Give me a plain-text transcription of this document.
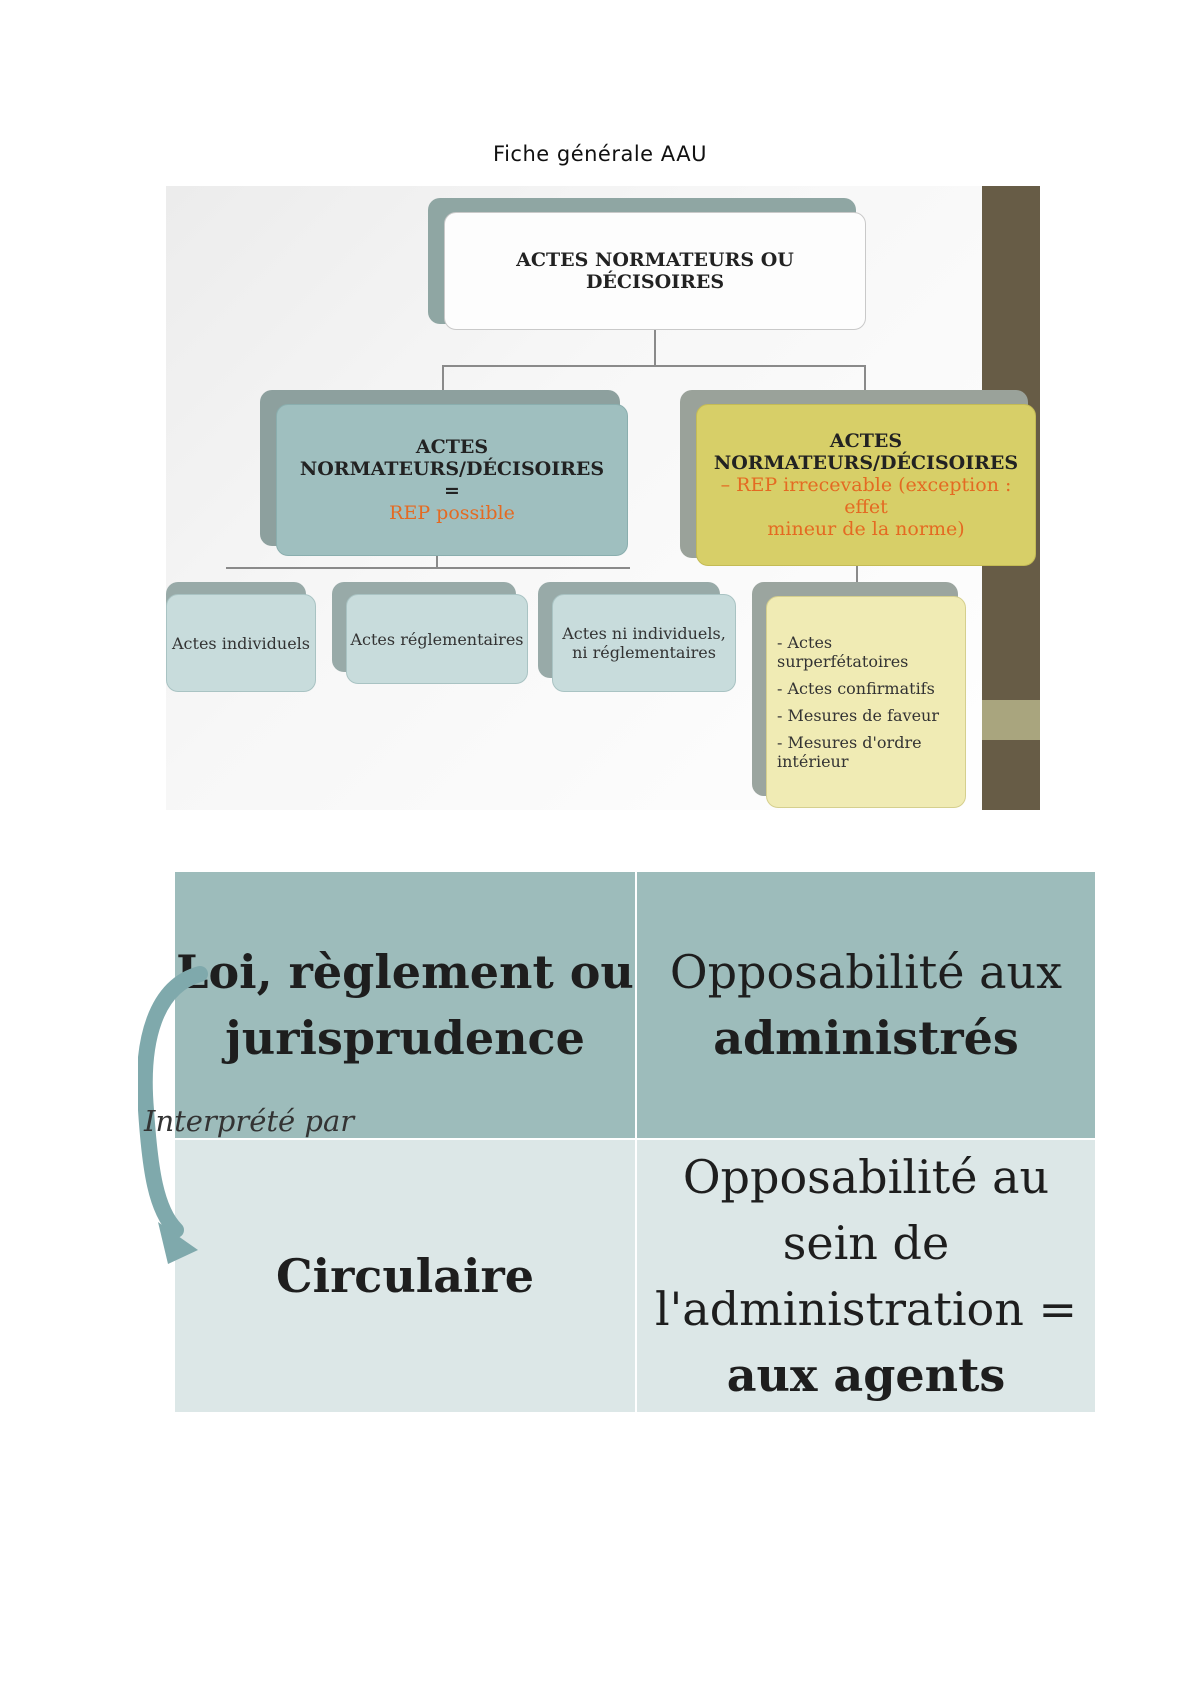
Fiche générale AAU
ACTES NORMATEURS OU
DÉCISOIRES
ACTES
NORMATEURS/DÉCISOIRES
=
REP possible
ACTES
NORMATEURS/DÉCISOIRES
– REP irrecevable (exception : effet
mineur de la norme)
Actes individuels	Actes réglementaires Actes ni individuels,
ni réglementaires
- Actes surperfétatoires
- Actes confirmatifs
- Mesures de faveur
- Mesures d'ordre intérieur
Loi, règlement ou
jurisprudence
Opposabilité aux
administrés
Circulaire
Opposabilité au
sein de
l'administration =
aux agents
Interprété par
